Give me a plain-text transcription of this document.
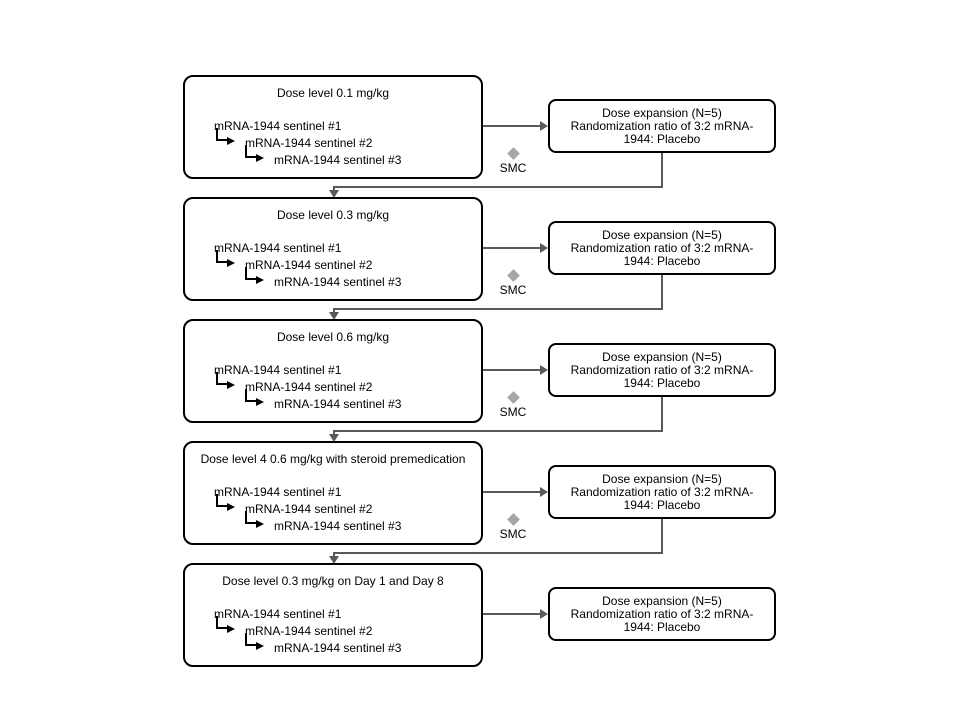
Dose level 0.1 mg/kg
mRNA-1944 sentinel #1
mRNA-1944 sentinel #2
mRNA-1944 sentinel #3
Dose expansion (N=5)
Randomization ratio of 3:2 mRNA-1944: Placebo
SMC
Dose level 0.3 mg/kg
mRNA-1944 sentinel #1
mRNA-1944 sentinel #2
mRNA-1944 sentinel #3
Dose expansion (N=5)
Randomization ratio of 3:2 mRNA-1944: Placebo
SMC
Dose level 0.6 mg/kg
mRNA-1944 sentinel #1
mRNA-1944 sentinel #2
mRNA-1944 sentinel #3
Dose expansion (N=5)
Randomization ratio of 3:2 mRNA-1944: Placebo
SMC
Dose level 4 0.6 mg/kg with steroid premedication
mRNA-1944 sentinel #1
mRNA-1944 sentinel #2
mRNA-1944 sentinel #3
Dose expansion (N=5)
Randomization ratio of 3:2 mRNA-1944: Placebo
SMC
Dose level 0.3 mg/kg on Day 1 and Day 8
mRNA-1944 sentinel #1
mRNA-1944 sentinel #2
mRNA-1944 sentinel #3
Dose expansion (N=5)
Randomization ratio of 3:2 mRNA-1944: Placebo
